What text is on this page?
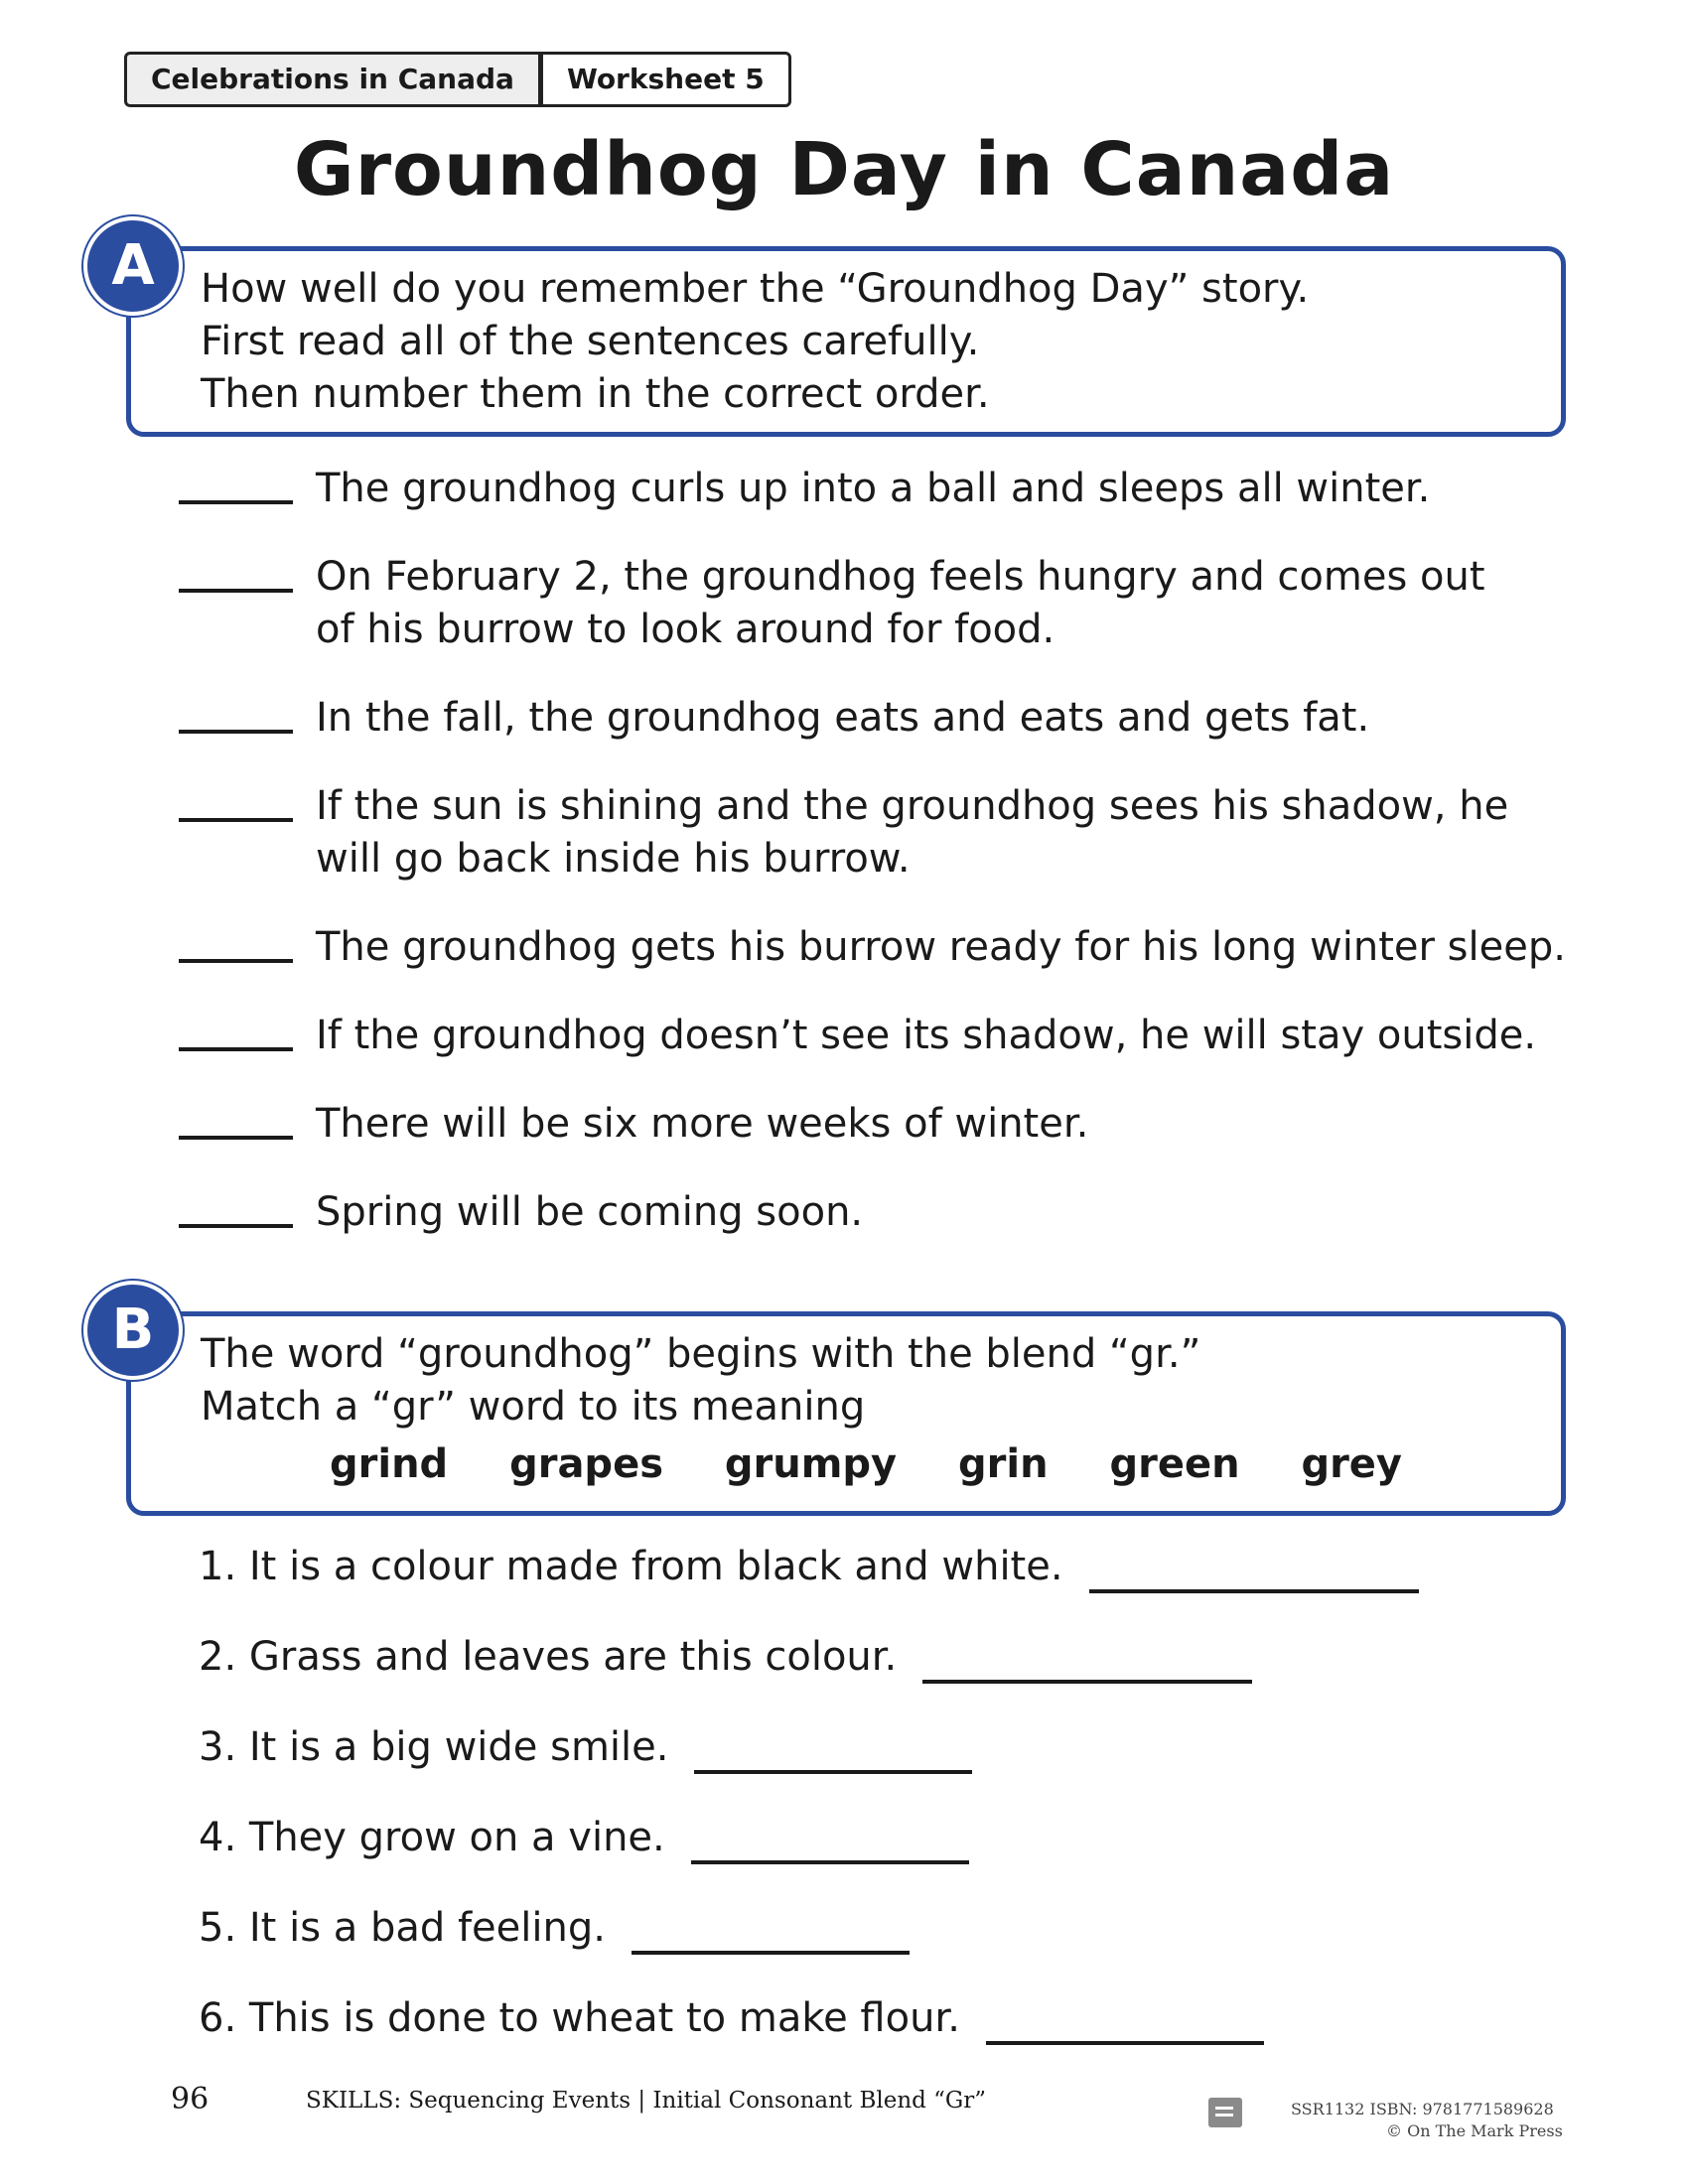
Celebrations in Canada	Worksheet 5
Groundhog Day in Canada
How well do you remember the “Groundhog Day” story.
First read all of the sentences carefully.
Then number them in the correct order.
A
The groundhog curls up into a ball and sleeps all winter.
On February 2, the groundhog feels hungry and comes out
of his burrow to look around for food.
In the fall, the groundhog eats and eats and gets fat.
If the sun is shining and the groundhog sees his shadow, he
will go back inside his burrow.
The groundhog gets his burrow ready for his long winter sleep.
If the groundhog doesn’t see its shadow, he will stay outside.
There will be six more weeks of winter.
Spring will be coming soon.
The word “groundhog” begins with the blend “gr.”
Match a “gr” word to its meaning
grind grapes grumpy grin green grey
B
1. It is a colour made from black and white.
2. Grass and leaves are this colour.
3. It is a big wide smile.
4. They grow on a vine.
5. It is a bad feeling.
6. This is done to wheat to make flour.
96	SKILLS: Sequencing Events | Initial Consonant Blend “Gr”	SSR1132 ISBN: 9781771589628
© On The Mark Press
